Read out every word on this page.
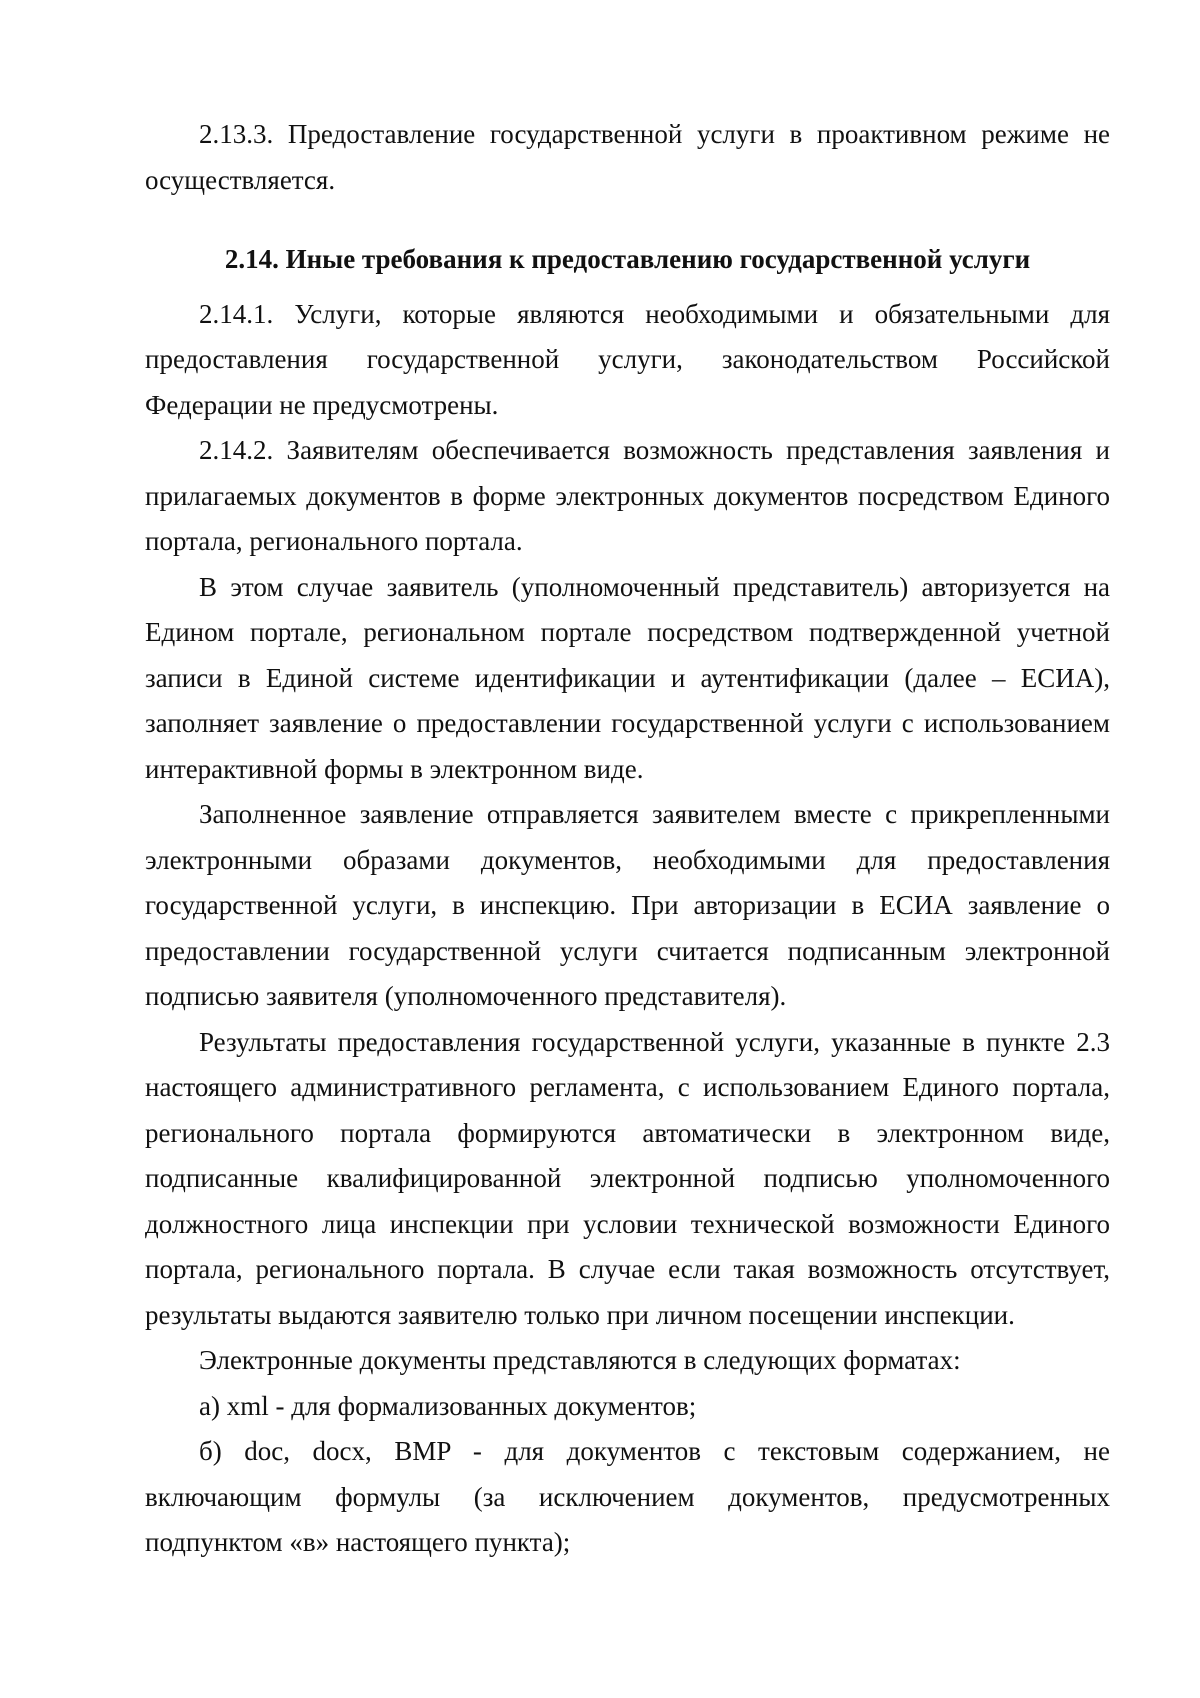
2.13.3. Предоставление государственной услуги в проактивном режиме не осуществляется.

2.14. Иные требования к предоставлению государственной услуги

2.14.1. Услуги, которые являются необходимыми и обязательными для предоставления государственной услуги, законодательством Российской Федерации не предусмотрены.

2.14.2. Заявителям обеспечивается возможность представления заявления и прилагаемых документов в форме электронных документов посредством Единого портала, регионального портала.

В этом случае заявитель (уполномоченный представитель) авторизуется на Едином портале, региональном портале посредством подтвержденной учетной записи в Единой системе идентификации и аутентификации (далее – ЕСИА), заполняет заявление о предоставлении государственной услуги с использованием интерактивной формы в электронном виде.

Заполненное заявление отправляется заявителем вместе с прикрепленными электронными образами документов, необходимыми для предоставления государственной услуги, в инспекцию. При авторизации в ЕСИА заявление о предоставлении государственной услуги считается подписанным электронной подписью заявителя (уполномоченного представителя).

Результаты предоставления государственной услуги, указанные в пункте 2.3 настоящего административного регламента, с использованием Единого портала, регионального портала формируются автоматически в электронном виде, подписанные квалифицированной электронной подписью уполномоченного должностного лица инспекции при условии технической возможности Единого портала, регионального портала. В случае если такая возможность отсутствует, результаты выдаются заявителю только при личном посещении инспекции.

Электронные документы представляются в следующих форматах:

а) xml - для формализованных документов;

б) doc, docx, BMP - для документов с текстовым содержанием, не включающим формулы (за исключением документов, предусмотренных подпунктом «в» настоящего пункта);
